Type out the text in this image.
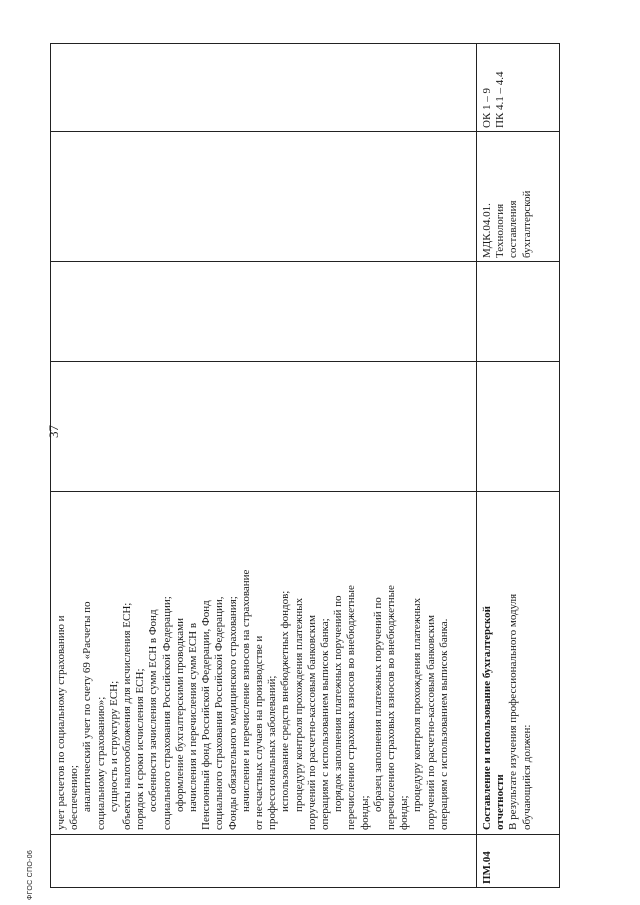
учет расчетов по социальному страхованию и обеспечению; аналитический учет по счету 69 «Расчеты по социальному страхованию»; сущность и структуру ЕСН; объекты налогообложения для исчисления ЕСН; порядок и сроки исчисления ЕСН; особенности зачисления сумм ЕСН в Фонд социального страхования Российской Федерации; оформление бухгалтерскими проводками начисления и перечисления сумм ЕСН в Пенсионный фонд Российской Федерации, Фонд социального страхования Российской Федерации, Фонды обязательного медицинского страхования; начисление и перечисление взносов на страхование от несчастных случаев на производстве и профессиональных заболеваний; использование средств внебюджетных фондов; процедуру контроля прохождения платежных поручений по расчетно-кассовым банковским операциям с использованием выписок банка; порядок заполнения платежных поручений по перечислению страховых взносов во внебюджетные фонды;
образец заполнения платежных поручений по перечислению страховых взносов во внебюджетные фонды;
процедуру контроля прохождения платежных поручений по расчетно-кассовым банковским операциям с использованием выписок банка.
ПМ.04
Составление и использование бухгалтерской отчетности В результате изучения профессионального модуля обучающийся должен:
МДК.04.01. Технология составления бухгалтерской
ОК 1 – 9 ПК 4.1 – 4.4
37
ФГОС СПО-06
